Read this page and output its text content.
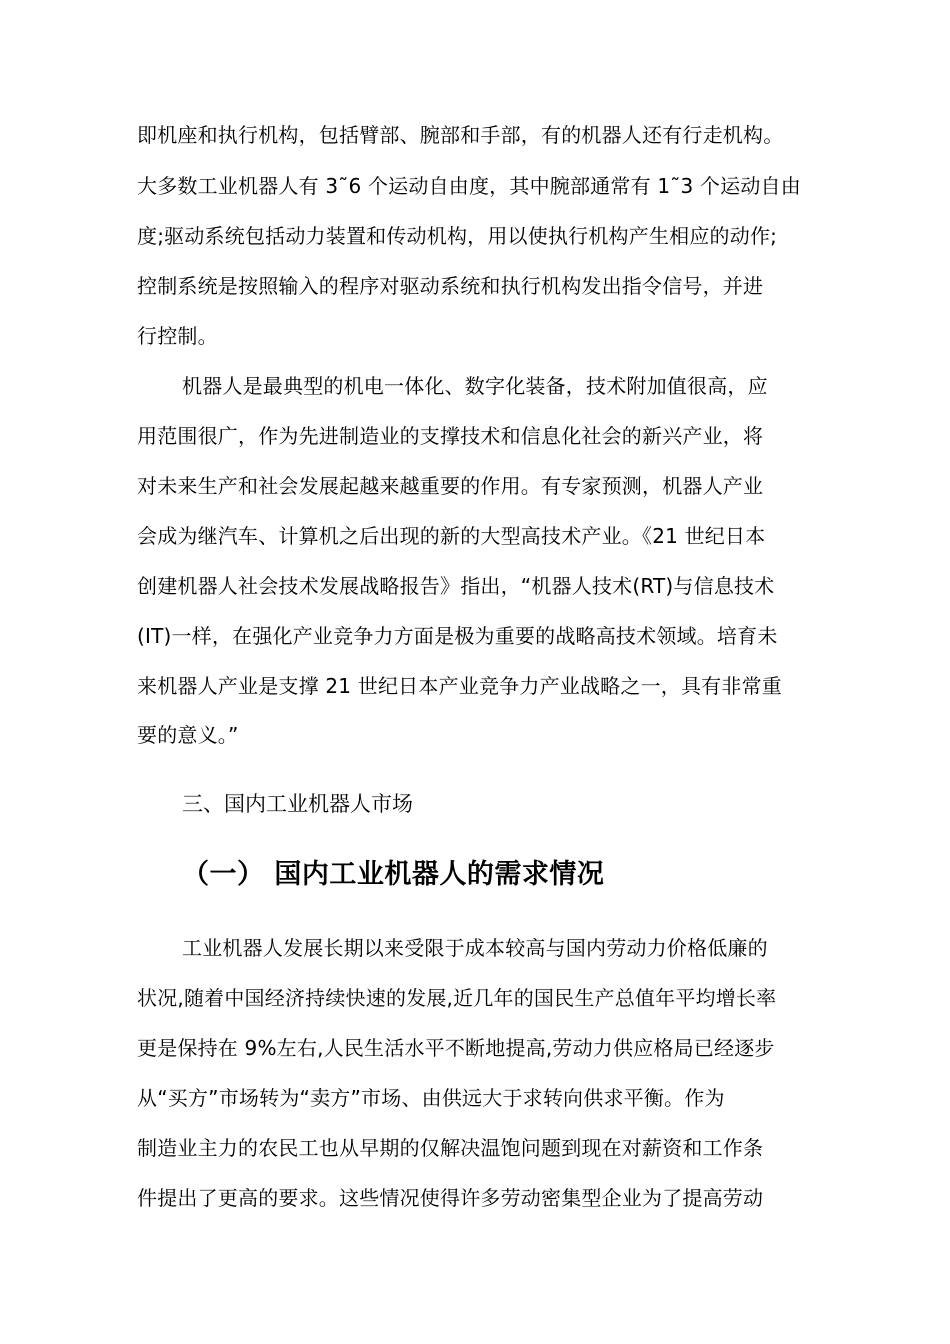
即机座和执行机构，包括臂部、腕部和手部，有的机器人还有行走机构。
大多数工业机器人有 3˜6 个运动自由度，其中腕部通常有 1˜3 个运动自由
度;驱动系统包括动力装置和传动机构，用以使执行机构产生相应的动作;
控制系统是按照输入的程序对驱动系统和执行机构发出指令信号，并进
行控制。
机器人是最典型的机电一体化、数字化装备，技术附加值很高，应
用范围很广，作为先进制造业的支撑技术和信息化社会的新兴产业，将
对未来生产和社会发展起越来越重要的作用。有专家预测，机器人产业
会成为继汽车、计算机之后出现的新的大型高技术产业。《21 世纪日本
创建机器人社会技术发展战略报告》指出，“机器人技术(RT)与信息技术
(IT)一样，在强化产业竞争力方面是极为重要的战略高技术领域。培育未
来机器人产业是支撑 21 世纪日本产业竞争力产业战略之一，具有非常重
要的意义。”
三、国内工业机器人市场
（一） 国内工业机器人的需求情况
工业机器人发展长期以来受限于成本较高与国内劳动力价格低廉的
状况,随着中国经济持续快速的发展,近几年的国民生产总值年平均增长率
更是保持在 9%左右,人民生活水平不断地提高,劳动力供应格局已经逐步
从“买方”市场转为“卖方”市场、由供远大于求转向供求平衡。作为
制造业主力的农民工也从早期的仅解决温饱问题到现在对薪资和工作条
件提出了更高的要求。这些情况使得许多劳动密集型企业为了提高劳动
